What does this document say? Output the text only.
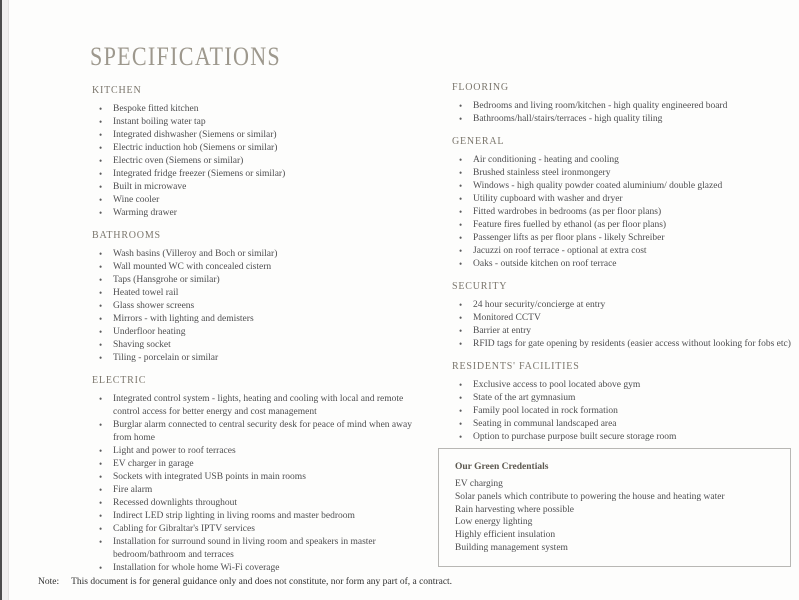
SPECIFICATIONS
KITCHEN
• Bespoke fitted kitchen
• Instant boiling water tap
• Integrated dishwasher (Siemens or similar)
• Electric induction hob (Siemens or similar)
• Electric oven (Siemens or similar)
• Integrated fridge freezer (Siemens or similar)
• Built in microwave
• Wine cooler
• Warming drawer
BATHROOMS
• Wash basins (Villeroy and Boch or similar)
• Wall mounted WC with concealed cistern
• Taps (Hansgrohe or similar)
• Heated towel rail
• Glass shower screens
• Mirrors - with lighting and demisters
• Underfloor heating
• Shaving socket
• Tiling - porcelain or similar
ELECTRIC
• Integrated control system - lights, heating and cooling with local and remote control access for better energy and cost management
• Burglar alarm connected to central security desk for peace of mind when away from home
• Light and power to roof terraces
• EV charger in garage
• Sockets with integrated USB points in main rooms
• Fire alarm
• Recessed downlights throughout
• Indirect LED strip lighting in living rooms and master bedroom
• Cabling for Gibraltar's IPTV services
• Installation for surround sound in living room and speakers in master bedroom/bathroom and terraces
• Installation for whole home Wi-Fi coverage
FLOORING
• Bedrooms and living room/kitchen - high quality engineered board
• Bathrooms/hall/stairs/terraces - high quality tiling
GENERAL
• Air conditioning - heating and cooling
• Brushed stainless steel ironmongery
• Windows - high quality powder coated aluminium/ double glazed
• Utility cupboard with washer and dryer
• Fitted wardrobes in bedrooms (as per floor plans)
• Feature fires fuelled by ethanol (as per floor plans)
• Passenger lifts as per floor plans - likely Schreiber
• Jacuzzi on roof terrace - optional at extra cost
• Oaks - outside kitchen on roof terrace
SECURITY
• 24 hour security/concierge at entry
• Monitored CCTV
• Barrier at entry
• RFID tags for gate opening by residents (easier access without looking for fobs etc)
RESIDENTS' FACILITIES
• Exclusive access to pool located above gym
• State of the art gymnasium
• Family pool located in rock formation
• Seating in communal landscaped area
• Option to purchase purpose built secure storage room
Our Green Credentials
EV charging
Solar panels which contribute to powering the house and heating water
Rain harvesting where possible
Low energy lighting
Highly efficient insulation
Building management system
Note: This document is for general guidance only and does not constitute, nor form any part of, a contract.
